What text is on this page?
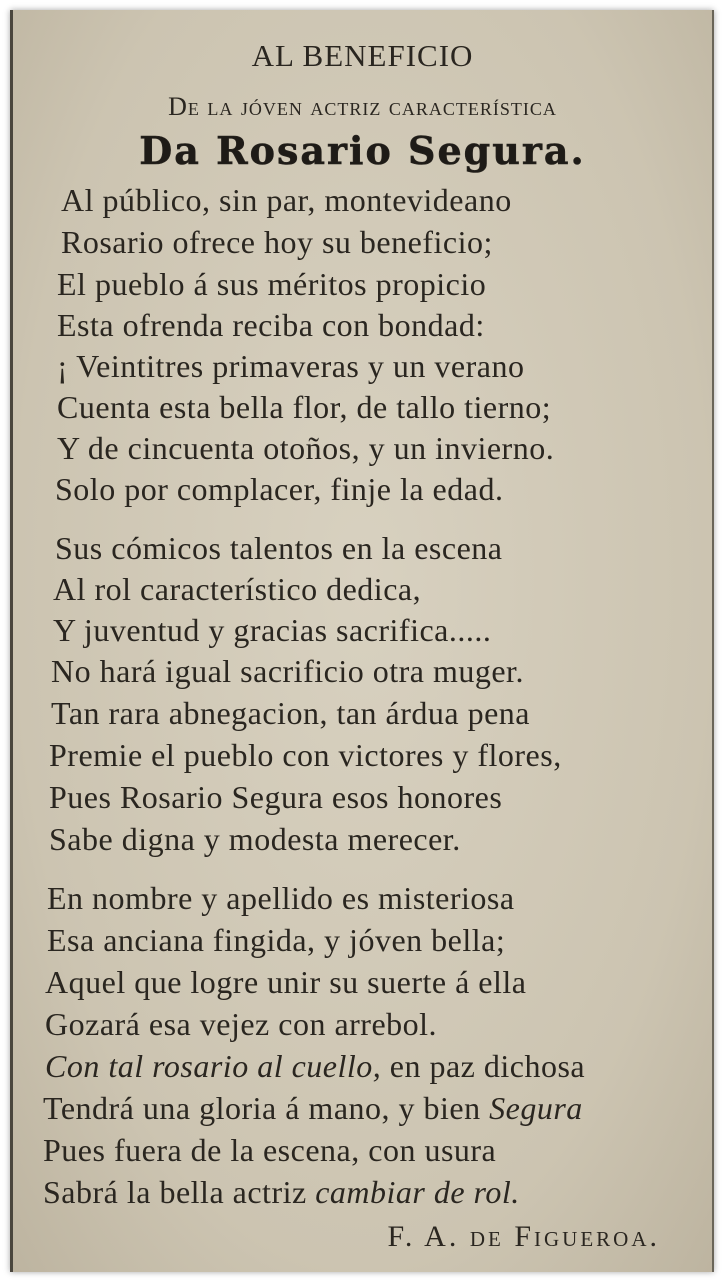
AL BENEFICIO
De la jóven actriz característica
Da Rosario Segura.
Al público, sin par, montevideano
Rosario ofrece hoy su beneficio;
El pueblo á sus méritos propicio
Esta ofrenda reciba con bondad:
¡ Veintitres primaveras y un verano
Cuenta esta bella flor, de tallo tierno;
Y de cincuenta otoños, y un invierno.
Solo por complacer, finje la edad.
Sus cómicos talentos en la escena
Al rol característico dedica,
Y juventud y gracias sacrifica.....
No hará igual sacrificio otra muger.
Tan rara abnegacion, tan árdua pena
Premie el pueblo con victores y flores,
Pues Rosario Segura esos honores
Sabe digna y modesta merecer.
En nombre y apellido es misteriosa
Esa anciana fingida, y jóven bella;
Aquel que logre unir su suerte á ella
Gozará esa vejez con arrebol.
Con tal rosario al cuello, en paz dichosa
Tendrá una gloria á mano, y bien Segura
Pues fuera de la escena, con usura
Sabrá la bella actriz cambiar de rol.
F. A. de Figueroa.
